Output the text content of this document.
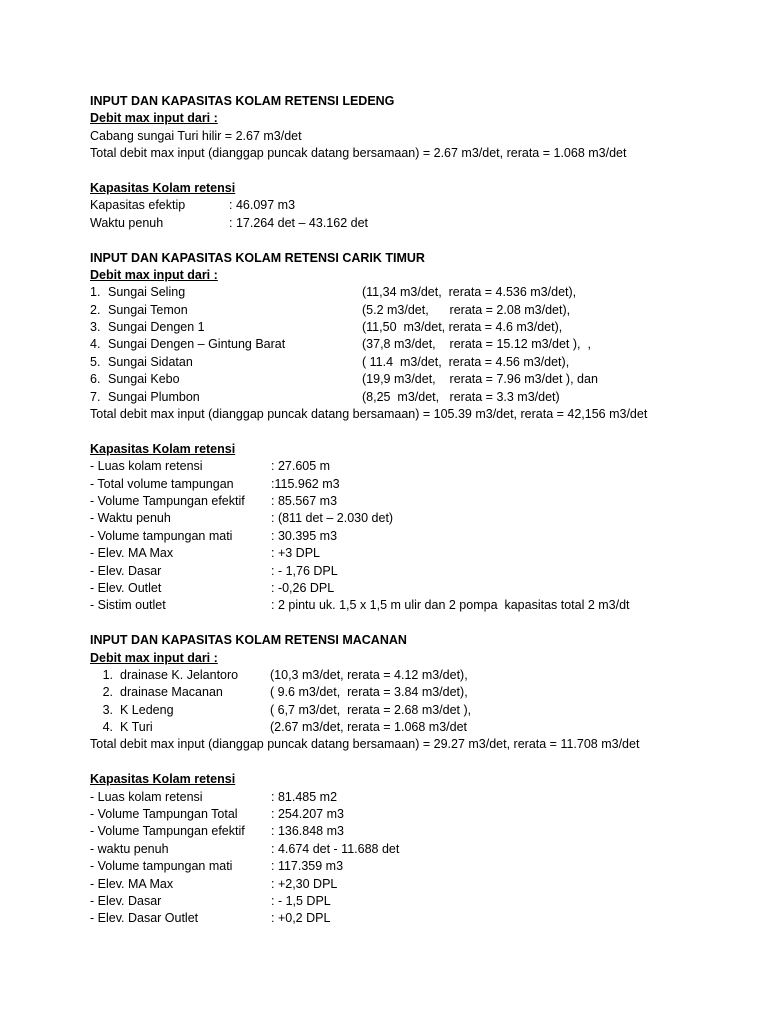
INPUT DAN KAPASITAS KOLAM RETENSI LEDENG
Debit max input dari :
Cabang sungai Turi hilir = 2.67 m3/det
Total debit max input (dianggap puncak datang bersamaan) = 2.67 m3/det, rerata = 1.068 m3/det
Kapasitas Kolam retensi
Kapasitas efektip	: 46.097 m3
Waktu penuh	: 17.264 det – 43.162 det
INPUT DAN KAPASITAS KOLAM RETENSI CARIK TIMUR
Debit max input dari :
1. Sungai Seling	(11,34 m3/det,  rerata = 4.536 m3/det),
2. Sungai Temon	(5.2 m3/det,      rerata = 2.08 m3/det),
3. Sungai Dengen 1	(11,50  m3/det, rerata = 4.6 m3/det),
4. Sungai Dengen – Gintung Barat	(37,8 m3/det,    rerata = 15.12 m3/det ),  ,
5. Sungai Sidatan	( 11.4  m3/det,  rerata = 4.56 m3/det),
6. Sungai Kebo	(19,9 m3/det,    rerata = 7.96 m3/det ), dan
7. Sungai Plumbon	(8,25  m3/det,   rerata = 3.3 m3/det)
Total debit max input (dianggap puncak datang bersamaan) = 105.39 m3/det, rerata = 42,156 m3/det
Kapasitas Kolam retensi
- Luas kolam retensi	: 27.605 m
- Total volume tampungan	:115.962 m3
- Volume Tampungan efektif	: 85.567 m3
- Waktu penuh	: (811 det – 2.030 det)
- Volume tampungan mati	: 30.395 m3
- Elev. MA Max	: +3 DPL
- Elev. Dasar	: - 1,76 DPL
- Elev. Outlet	: -0,26 DPL
- Sistim outlet	: 2 pintu uk. 1,5 x 1,5 m ulir dan 2 pompa  kapasitas total 2 m3/dt
INPUT DAN KAPASITAS KOLAM RETENSI MACANAN
Debit max input dari :
1. drainase K. Jelantoro	(10,3 m3/det, rerata = 4.12 m3/det),
2. drainase Macanan	( 9.6 m3/det,  rerata = 3.84 m3/det),
3. K Ledeng	( 6,7 m3/det,  rerata = 2.68 m3/det ),
4. K Turi	(2.67 m3/det, rerata = 1.068 m3/det
Total debit max input (dianggap puncak datang bersamaan) = 29.27 m3/det, rerata = 11.708 m3/det
Kapasitas Kolam retensi
- Luas kolam retensi	: 81.485 m2
- Volume Tampungan Total	: 254.207 m3
- Volume Tampungan efektif	: 136.848 m3
- waktu penuh	: 4.674 det - 11.688 det
- Volume tampungan mati	: 117.359 m3
- Elev. MA Max	: +2,30 DPL
- Elev. Dasar	: - 1,5 DPL
- Elev. Dasar Outlet	: +0,2 DPL
